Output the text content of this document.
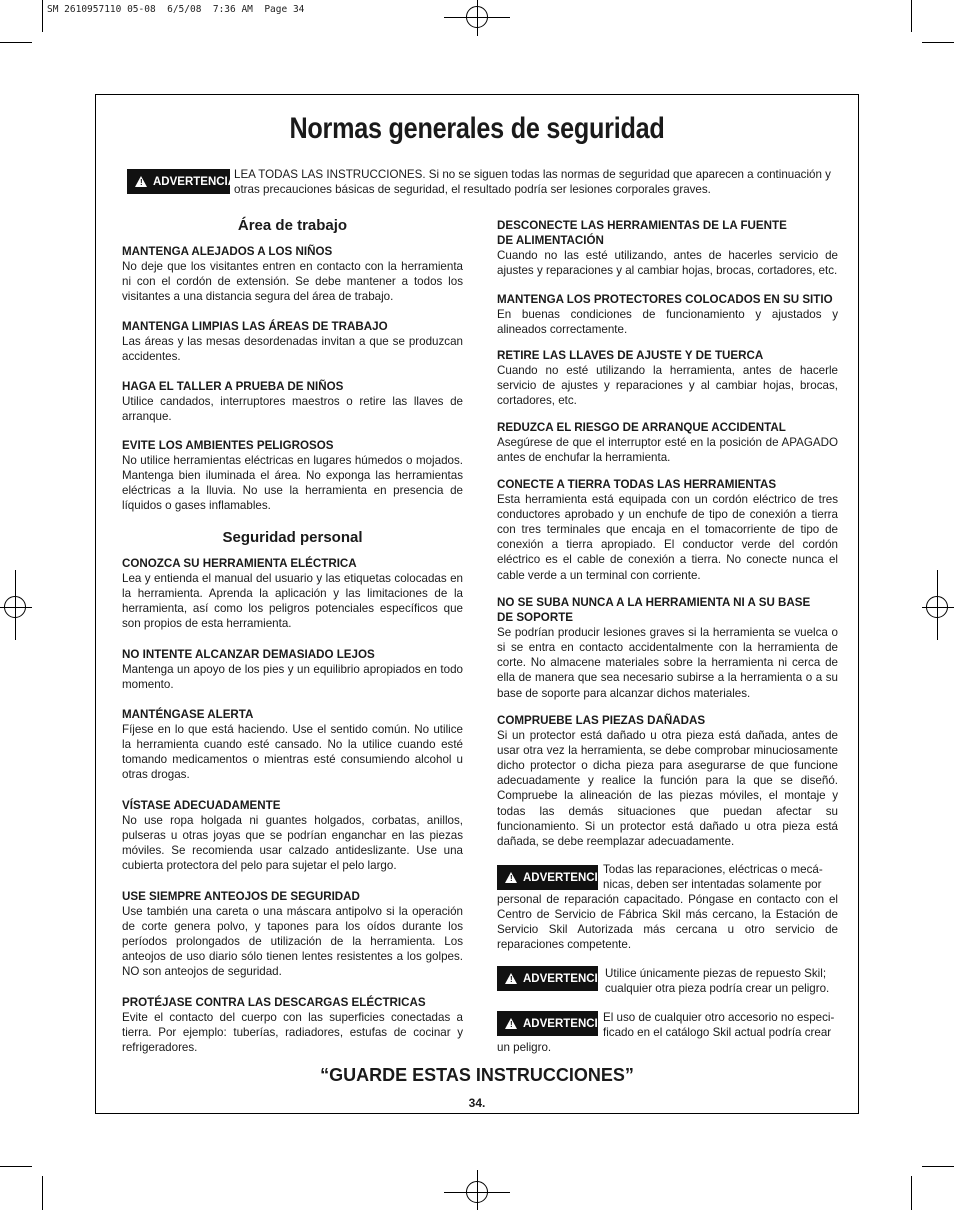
SM 2610957110 05-08  6/5/08  7:36 AM  Page 34
Normas generales de seguridad
! ADVERTENCIA
LEA TODAS LAS INSTRUCCIONES. Si no se siguen todas las normas de seguridad que aparecen a continuación y otras precauciones básicas de seguridad, el resultado podría ser lesiones corporales graves.
Área de trabajo
MANTENGA ALEJADOS A LOS NIÑOS

No deje que los visitantes entren en contacto con la herramienta ni con el cordón de extensión. Se debe mantener a todos los visitantes a una distancia segura del área de trabajo.

MANTENGA LIMPIAS LAS ÁREAS DE TRABAJO

Las áreas y las mesas desordenadas invitan a que se produzcan accidentes.

HAGA EL TALLER A PRUEBA DE NIÑOS

Utilice candados, interruptores maestros o retire las llaves de arranque.

EVITE LOS AMBIENTES PELIGROSOS

No utilice herramientas eléctricas en lugares húmedos o mojados. Mantenga bien iluminada el área. No exponga las herramientas eléctricas a la lluvia. No use la herramienta en presencia de líquidos o gases inflamables.

Seguridad personal
CONOZCA SU HERRAMIENTA ELÉCTRICA

Lea y entienda el manual del usuario y las etiquetas colocadas en la herramienta. Aprenda la aplicación y las limitaciones de la herramienta, así como los peligros potenciales específicos que son propios de esta herramienta.

NO INTENTE ALCANZAR DEMASIADO LEJOS

Mantenga un apoyo de los pies y un equilibrio apropiados en todo momento.

MANTÉNGASE ALERTA

Fíjese en lo que está haciendo. Use el sentido común. No utilice la herramienta cuando esté cansado. No la utilice cuando esté tomando medicamentos o mientras esté consumiendo alcohol u otras drogas.

VÍSTASE ADECUADAMENTE

No use ropa holgada ni guantes holgados, corbatas, anillos, pulseras u otras joyas que se podrían enganchar en las piezas móviles. Se recomienda usar calzado antideslizante. Use una cubierta protectora del pelo para sujetar el pelo largo.

USE SIEMPRE ANTEOJOS DE SEGURIDAD

Use también una careta o una máscara antipolvo si la operación de corte genera polvo, y tapones para los oídos durante los períodos prolongados de utilización de la herramienta. Los anteojos de uso diario sólo tienen lentes resistentes a los golpes. NO son anteojos de seguridad.

PROTÉJASE CONTRA LAS DESCARGAS ELÉCTRICAS

Evite el contacto del cuerpo con las superficies conectadas a tierra. Por ejemplo: tuberías, radiadores, estufas de cocinar y refrigeradores.

DESCONECTE LAS HERRAMIENTAS DE LA FUENTE
DE ALIMENTACIÓN

Cuando no las esté utilizando, antes de hacerles servicio de ajustes y reparaciones y al cambiar hojas, brocas, cortadores, etc.

MANTENGA LOS PROTECTORES COLOCADOS EN SU SITIO

En buenas condiciones de funcionamiento y ajustados y alineados correctamente.

RETIRE LAS LLAVES DE AJUSTE Y DE TUERCA

Cuando no esté utilizando la herramienta, antes de hacerle servicio de ajustes y reparaciones y al cambiar hojas, brocas, cortadores, etc.

REDUZCA EL RIESGO DE ARRANQUE ACCIDENTAL

Asegúrese de que el interruptor esté en la posición de APAGADO antes de enchufar la herramienta.

CONECTE A TIERRA TODAS LAS HERRAMIENTAS

Esta herramienta está equipada con un cordón eléctrico de tres conductores aprobado y un enchufe de tipo de conexión a tierra con tres terminales que encaja en el tomacorriente de tipo de conexión a tierra apropiado. El conductor verde del cordón eléctrico es el cable de conexión a tierra. No conecte nunca el cable verde a un terminal con corriente.

NO SE SUBA NUNCA A LA HERRAMIENTA NI A SU BASE
DE SOPORTE

Se podrían producir lesiones graves si la herramienta se vuelca o si se entra en contacto accidentalmente con la herramienta de corte. No almacene materiales sobre la herramienta ni cerca de ella de manera que sea necesario subirse a la herramienta o a su base de soporte para alcanzar dichos materiales.

COMPRUEBE LAS PIEZAS DAÑADAS

Si un protector está dañado u otra pieza está dañada, antes de usar otra vez la herramienta, se debe comprobar minuciosamente dicho protector o dicha pieza para asegurarse de que funcione adecuadamente y realice la función para la que se diseñó. Compruebe la alineación de las piezas móviles, el montaje y todas las demás situaciones que puedan afectar su funcionamiento. Si un protector está dañado u otra pieza está dañada, se debe reemplazar adecuadamente.

! ADVERTENCIA
Todas las reparaciones, eléctricas o mecá-
nicas, deben ser intentadas solamente por
personal de reparación capacitado. Póngase en contacto con el Centro de Servicio de Fábrica Skil más cercano, la Estación de Servicio Skil Autorizada más cercana u otro servicio de reparaciones competente.
! ADVERTENCIA
Utilice únicamente piezas de repuesto Skil;
cualquier otra pieza podría crear un peligro.
! ADVERTENCIA
El uso de cualquier otro accesorio no especi-
ficado en el catálogo Skil actual podría crear
un peligro.
“GUARDE ESTAS INSTRUCCIONES”
34.
